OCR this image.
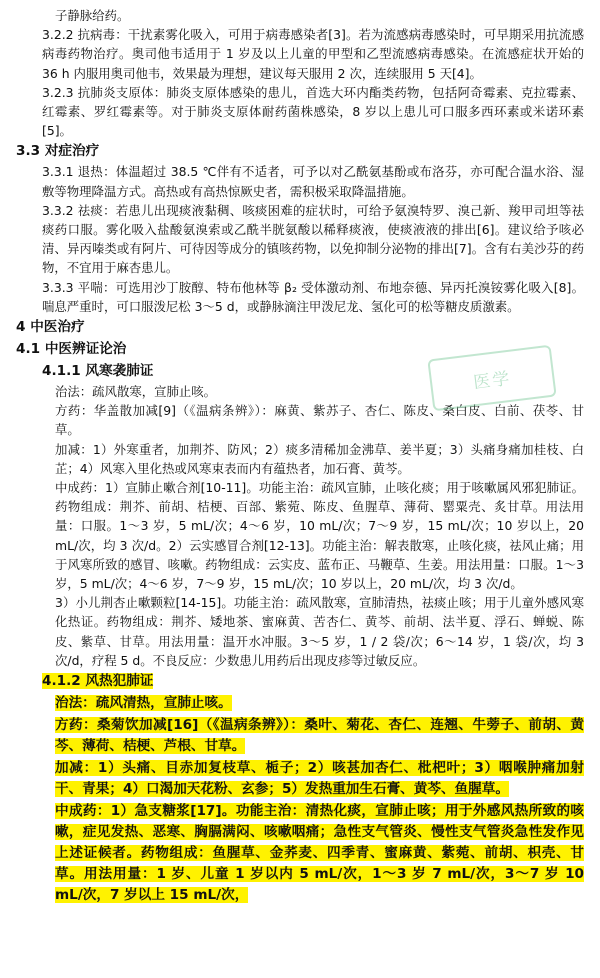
医学

子静脉给药。

3.2.2 抗病毒：干扰素雾化吸入，可用于病毒感染者[3]。若为流感病毒感染时，可早期采用抗流感病毒药物治疗。奥司他韦适用于 1 岁及以上儿童的甲型和乙型流感病毒感染。在流感症状开始的 36 h 内服用奥司他韦，效果最为理想，建议每天服用 2 次，连续服用 5 天[4]。

3.2.3 抗肺炎支原体：肺炎支原体感染的患儿，首选大环内酯类药物，包括阿奇霉素、克拉霉素、红霉素、罗红霉素等。对于肺炎支原体耐药菌株感染，8 岁以上患儿可口服多西环素或米诺环素[5]。

3.3 对症治疗

3.3.1 退热：体温超过 38.5 ℃伴有不适者，可予以对乙酰氨基酚或布洛芬，亦可配合温水浴、湿敷等物理降温方式。高热或有高热惊厥史者，需积极采取降温措施。

3.3.2 祛痰：若患儿出现痰液黏稠、咳痰困难的症状时，可给予氨溴特罗、溴己新、羧甲司坦等祛痰药口服。雾化吸入盐酸氨溴索或乙酰半胱氨酸以稀释痰液，使痰液液的排出[6]。建议给予咳必清、异丙嗪类或有阿片、可待因等成分的镇咳药物，以免抑制分泌物的排出[7]。含有右美沙芬的药物，不宜用于麻杏患儿。

3.3.3 平喘：可选用沙丁胺醇、特布他林等 β₂ 受体激动剂、布地奈德、异丙托溴铵雾化吸入[8]。喘息严重时，可口服泼尼松 3～5 d，或静脉滴注甲泼尼龙、氢化可的松等糖皮质激素。

4 中医治疗

4.1 中医辨证论治

4.1.1 风寒袭肺证

治法：疏风散寒，宣肺止咳。

方药：华盖散加减[9]（《温病条辨》）：麻黄、紫苏子、杏仁、陈皮、桑白皮、白前、茯苓、甘草。

加减：1）外寒重者，加荆芥、防风；2）痰多清稀加金沸草、姜半夏；3）头痛身痛加桂枝、白芷；4）风寒入里化热或风寒束表而内有蕴热者，加石膏、黄芩。

中成药：1）宣肺止嗽合剂[10-11]。功能主治：疏风宣肺，止咳化痰；用于咳嗽属风邪犯肺证。药物组成：荆芥、前胡、桔梗、百部、紫菀、陈皮、鱼腥草、薄荷、罂粟壳、炙甘草。用法用量：口服。1～3 岁，5 mL/次；4～6 岁，10 mL/次；7～9 岁，15 mL/次；10 岁以上，20 mL/次，均 3 次/d。2）云实感冒合剂[12-13]。功能主治：解表散寒，止咳化痰，祛风止痛；用于风寒所致的感冒、咳嗽。药物组成：云实皮、蓝布正、马鞭草、生姜。用法用量：口服。1～3 岁，5 mL/次；4～6 岁，7～9 岁，15 mL/次；10 岁以上，20 mL/次，均 3 次/d。

3）小儿荆杏止嗽颗粒[14-15]。功能主治：疏风散寒，宣肺清热，祛痰止咳；用于儿童外感风寒化热证。药物组成：荆芥、矮地茶、蜜麻黄、苦杏仁、黄芩、前胡、法半夏、浮石、蝉蜕、陈皮、紫草、甘草。用法用量：温开水冲服。3～5 岁，1 / 2 袋/次；6～14 岁，1 袋/次，均 3 次/d，疗程 5 d。不良反应：少数患儿用药后出现皮疹等过敏反应。

4.1.2 风热犯肺证

治法：疏风清热，宣肺止咳。

方药：桑菊饮加减[16]（《温病条辨》）：桑叶、菊花、杏仁、连翘、牛蒡子、前胡、黄芩、薄荷、桔梗、芦根、甘草。

加减：1）头痛、目赤加复枝草、栀子；2）咳甚加杏仁、枇杷叶；3）咽喉肿痛加射干、青果；4）口渴加天花粉、玄参；5）发热重加生石膏、黄芩、鱼腥草。

中成药：1）急支糖浆[17]。功能主治：清热化痰，宣肺止咳；用于外感风热所致的咳嗽，症见发热、恶寒、胸膈满闷、咳嗽咽痛；急性支气管炎、慢性支气管炎急性发作见上述证候者。药物组成：鱼腥草、金荞麦、四季青、蜜麻黄、紫菀、前胡、枳壳、甘草。用法用量：1 岁、儿童 1 岁以内 5 mL/次，1～3 岁 7 mL/次，3～7 岁 10 mL/次，7 岁以上 15 mL/次，
